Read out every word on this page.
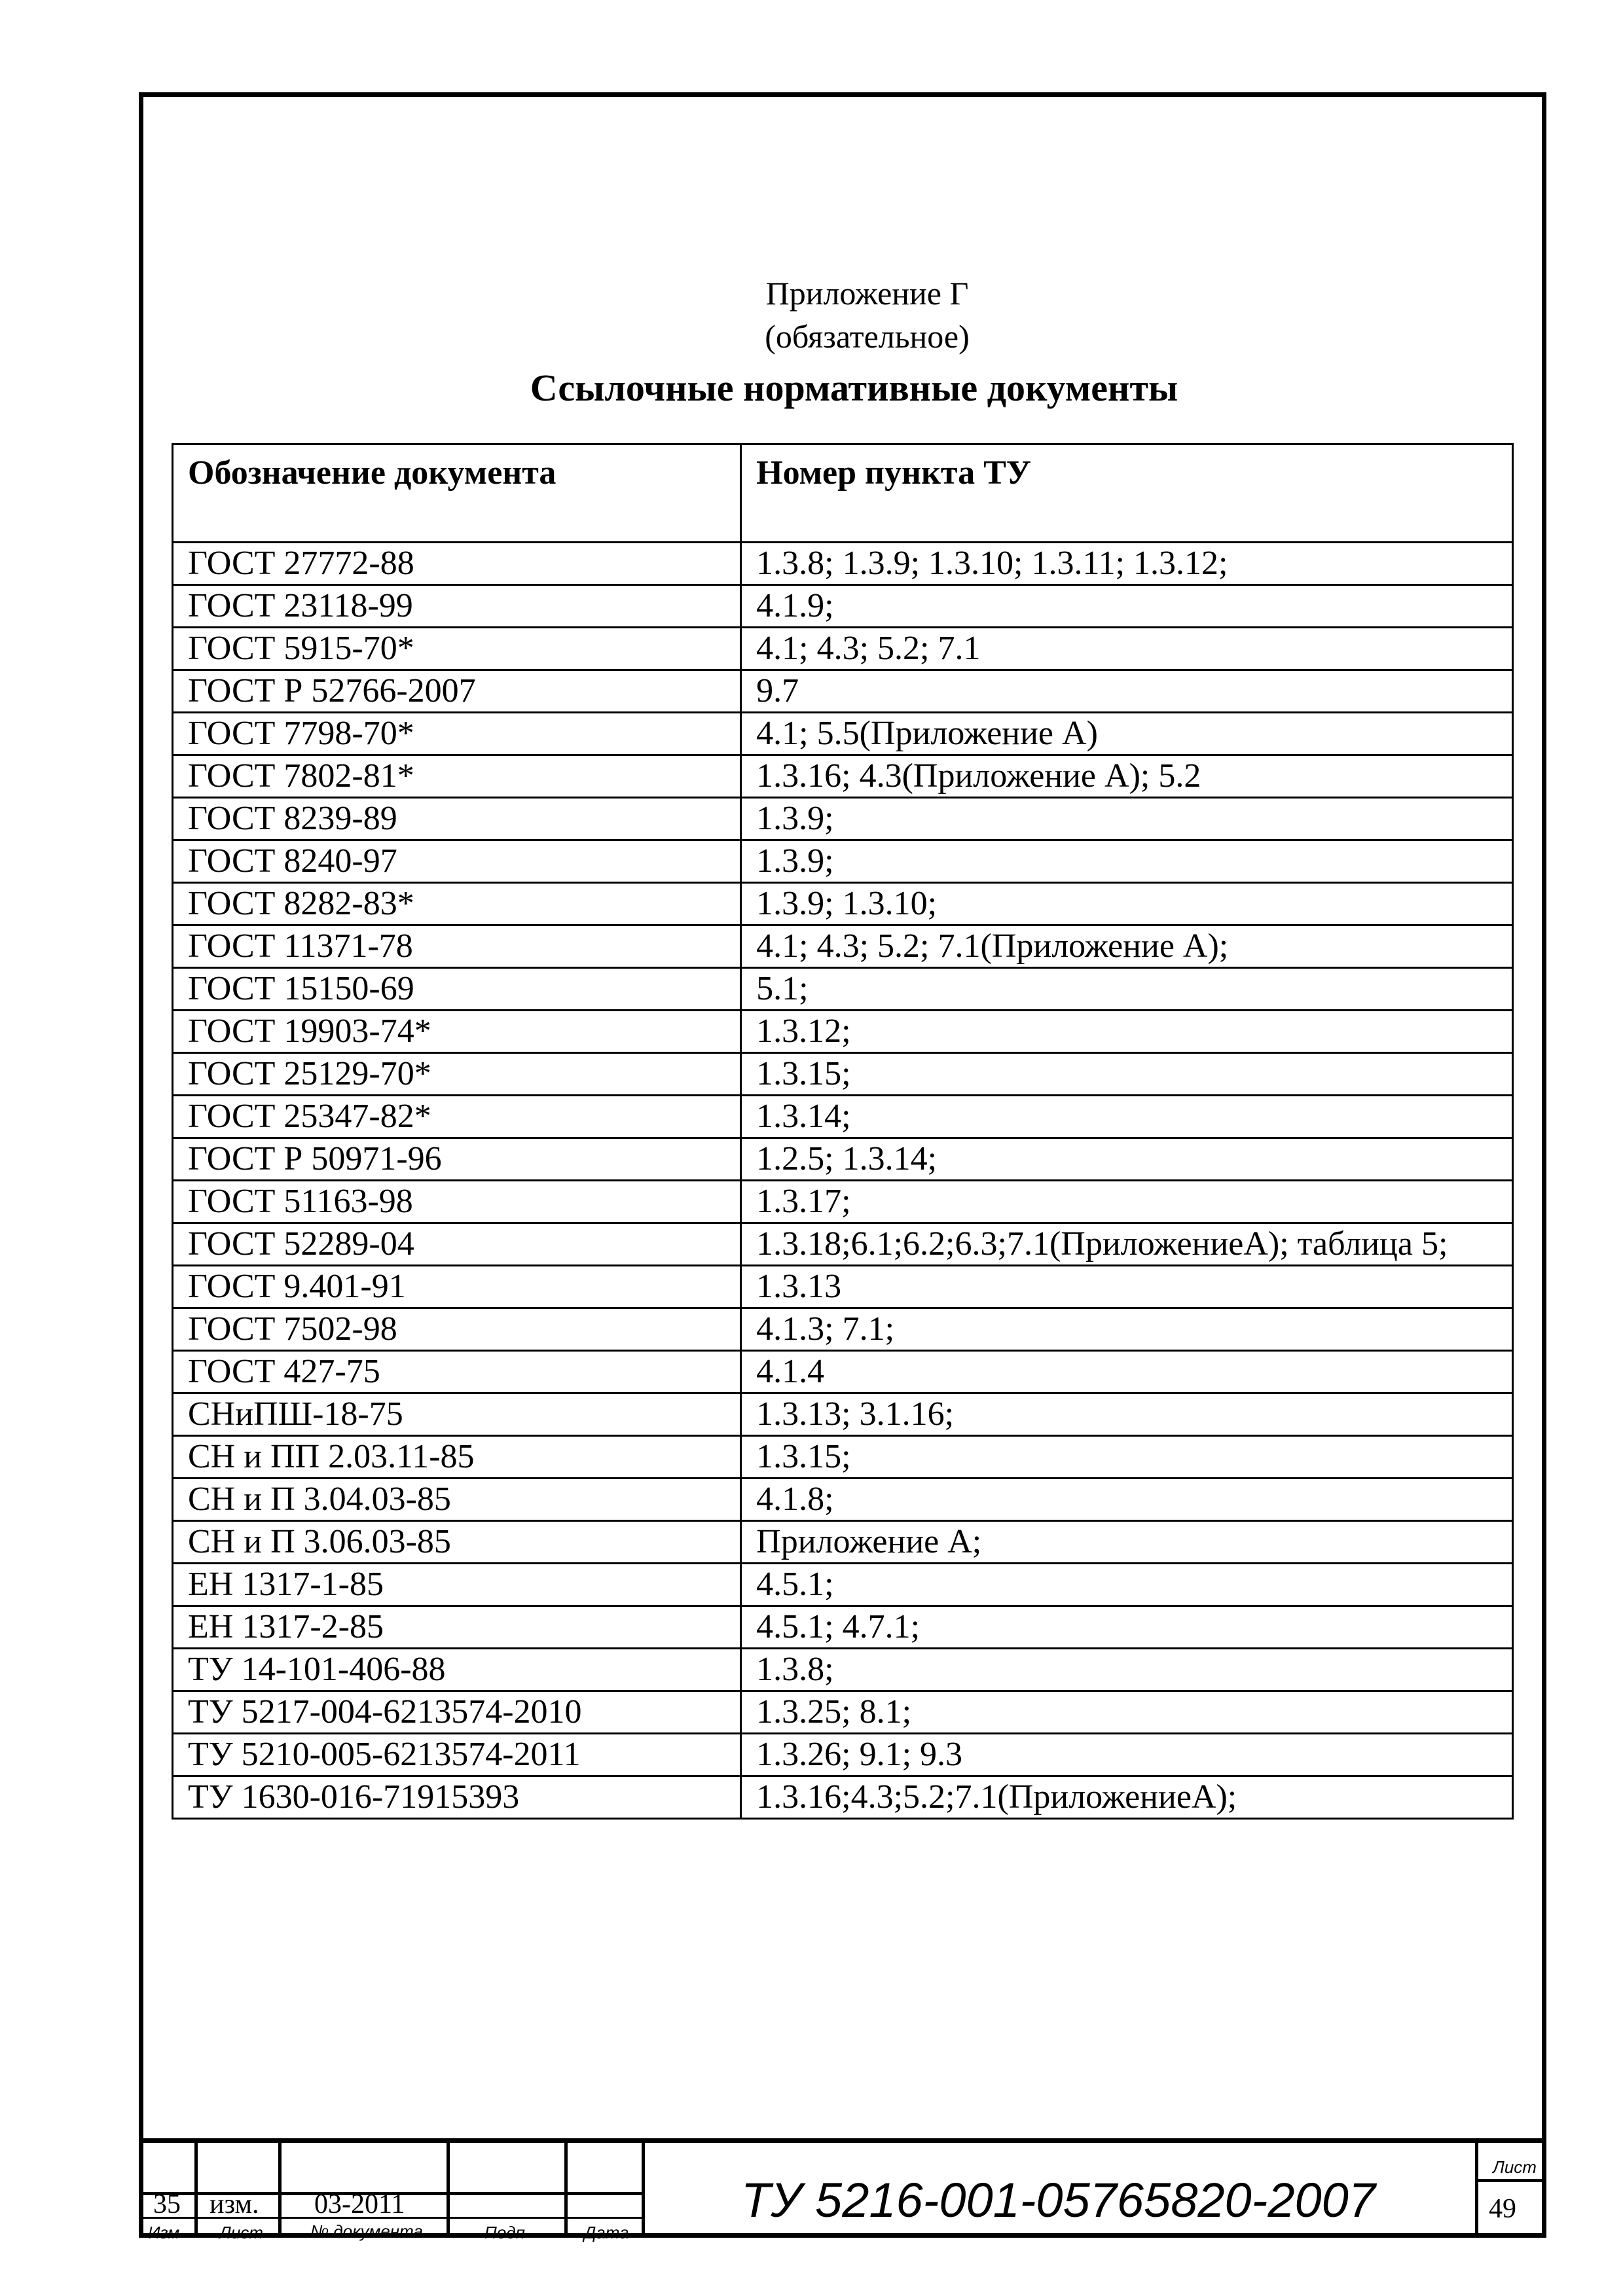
Приложение Г
(обязательное)
Ссылочные нормативные документы
Обозначение документа	Номер пункта ТУ
ГОСТ 27772-88	1.3.8; 1.3.9; 1.3.10; 1.3.11; 1.3.12;
ГОСТ 23118-99	4.1.9;
ГОСТ 5915-70*	4.1; 4.3; 5.2; 7.1
ГОСТ Р 52766-2007	9.7
ГОСТ 7798-70*	4.1; 5.5(Приложение А)
ГОСТ 7802-81*	1.3.16; 4.3(Приложение А); 5.2
ГОСТ 8239-89	1.3.9;
ГОСТ 8240-97	1.3.9;
ГОСТ 8282-83*	1.3.9; 1.3.10;
ГОСТ 11371-78	4.1; 4.3; 5.2; 7.1(Приложение А);
ГОСТ 15150-69	5.1;
ГОСТ 19903-74*	1.3.12;
ГОСТ 25129-70*	1.3.15;
ГОСТ 25347-82*	1.3.14;
ГОСТ Р 50971-96	1.2.5; 1.3.14;
ГОСТ 51163-98	1.3.17;
ГОСТ 52289-04	1.3.18;6.1;6.2;6.3;7.1(ПриложениеА); таблица 5;
ГОСТ 9.401-91	1.3.13
ГОСТ 7502-98	4.1.3; 7.1;
ГОСТ 427-75	4.1.4
СНиПШ-18-75	1.3.13; 3.1.16;
СН и ПП 2.03.11-85	1.3.15;
СН и П 3.04.03-85	4.1.8;
СН и П 3.06.03-85	Приложение А;
ЕН 1317-1-85	4.5.1;
ЕН 1317-2-85	4.5.1; 4.7.1;
ТУ 14-101-406-88	1.3.8;
ТУ 5217-004-6213574-2010	1.3.25; 8.1;
ТУ 5210-005-6213574-2011	1.3.26; 9.1; 9.3
ТУ 1630-016-71915393	1.3.16;4.3;5.2;7.1(ПриложениеА);
35 изм. 03-2011
Изм Лист	№ документа	Подп	Дата
ТУ 5216-001-05765820-2007
Лист
49
